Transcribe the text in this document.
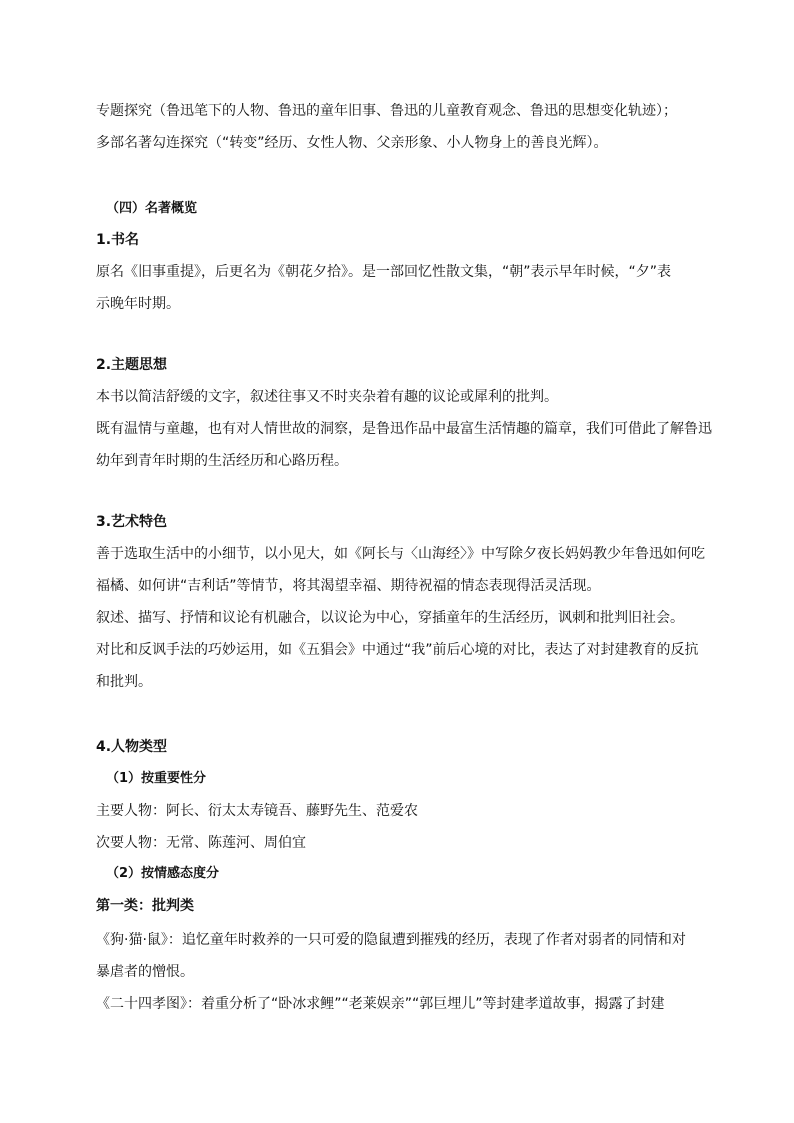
专题探究（鲁迅笔下的人物、鲁迅的童年旧事、鲁迅的儿童教育观念、鲁迅的思想变化轨迹）；
多部名著勾连探究（“转变”经历、女性人物、父亲形象、小人物身上的善良光辉）。
（四）名著概览
1.书名
原名《旧事重提》，后更名为《朝花夕拾》。是一部回忆性散文集，“朝”表示早年时候，“夕”表
示晚年时期。
2.主题思想
本书以简洁舒缓的文字，叙述往事又不时夹杂着有趣的议论或犀利的批判。
既有温情与童趣，也有对人情世故的洞察，是鲁迅作品中最富生活情趣的篇章，我们可借此了解鲁迅
幼年到青年时期的生活经历和心路历程。
3.艺术特色
善于选取生活中的小细节，以小见大，如《阿长与〈山海经〉》中写除夕夜长妈妈教少年鲁迅如何吃
福橘、如何讲“吉利话”等情节，将其渴望幸福、期待祝福的情态表现得活灵活现。
叙述、描写、抒情和议论有机融合，以议论为中心，穿插童年的生活经历，讽刺和批判旧社会。
对比和反讽手法的巧妙运用，如《五猖会》中通过“我”前后心境的对比，表达了对封建教育的反抗
和批判。
4.人物类型
（1）按重要性分
主要人物：阿长、衍太太寿镜吾、藤野先生、范爱农
次要人物：无常、陈莲河、周伯宜
（2）按情感态度分
第一类：批判类
《狗·猫·鼠》：追忆童年时救养的一只可爱的隐鼠遭到摧残的经历，表现了作者对弱者的同情和对
暴虐者的憎恨。
《二十四孝图》：着重分析了“卧冰求鲤”“老莱娱亲”“郭巨埋儿”等封建孝道故事，揭露了封建
